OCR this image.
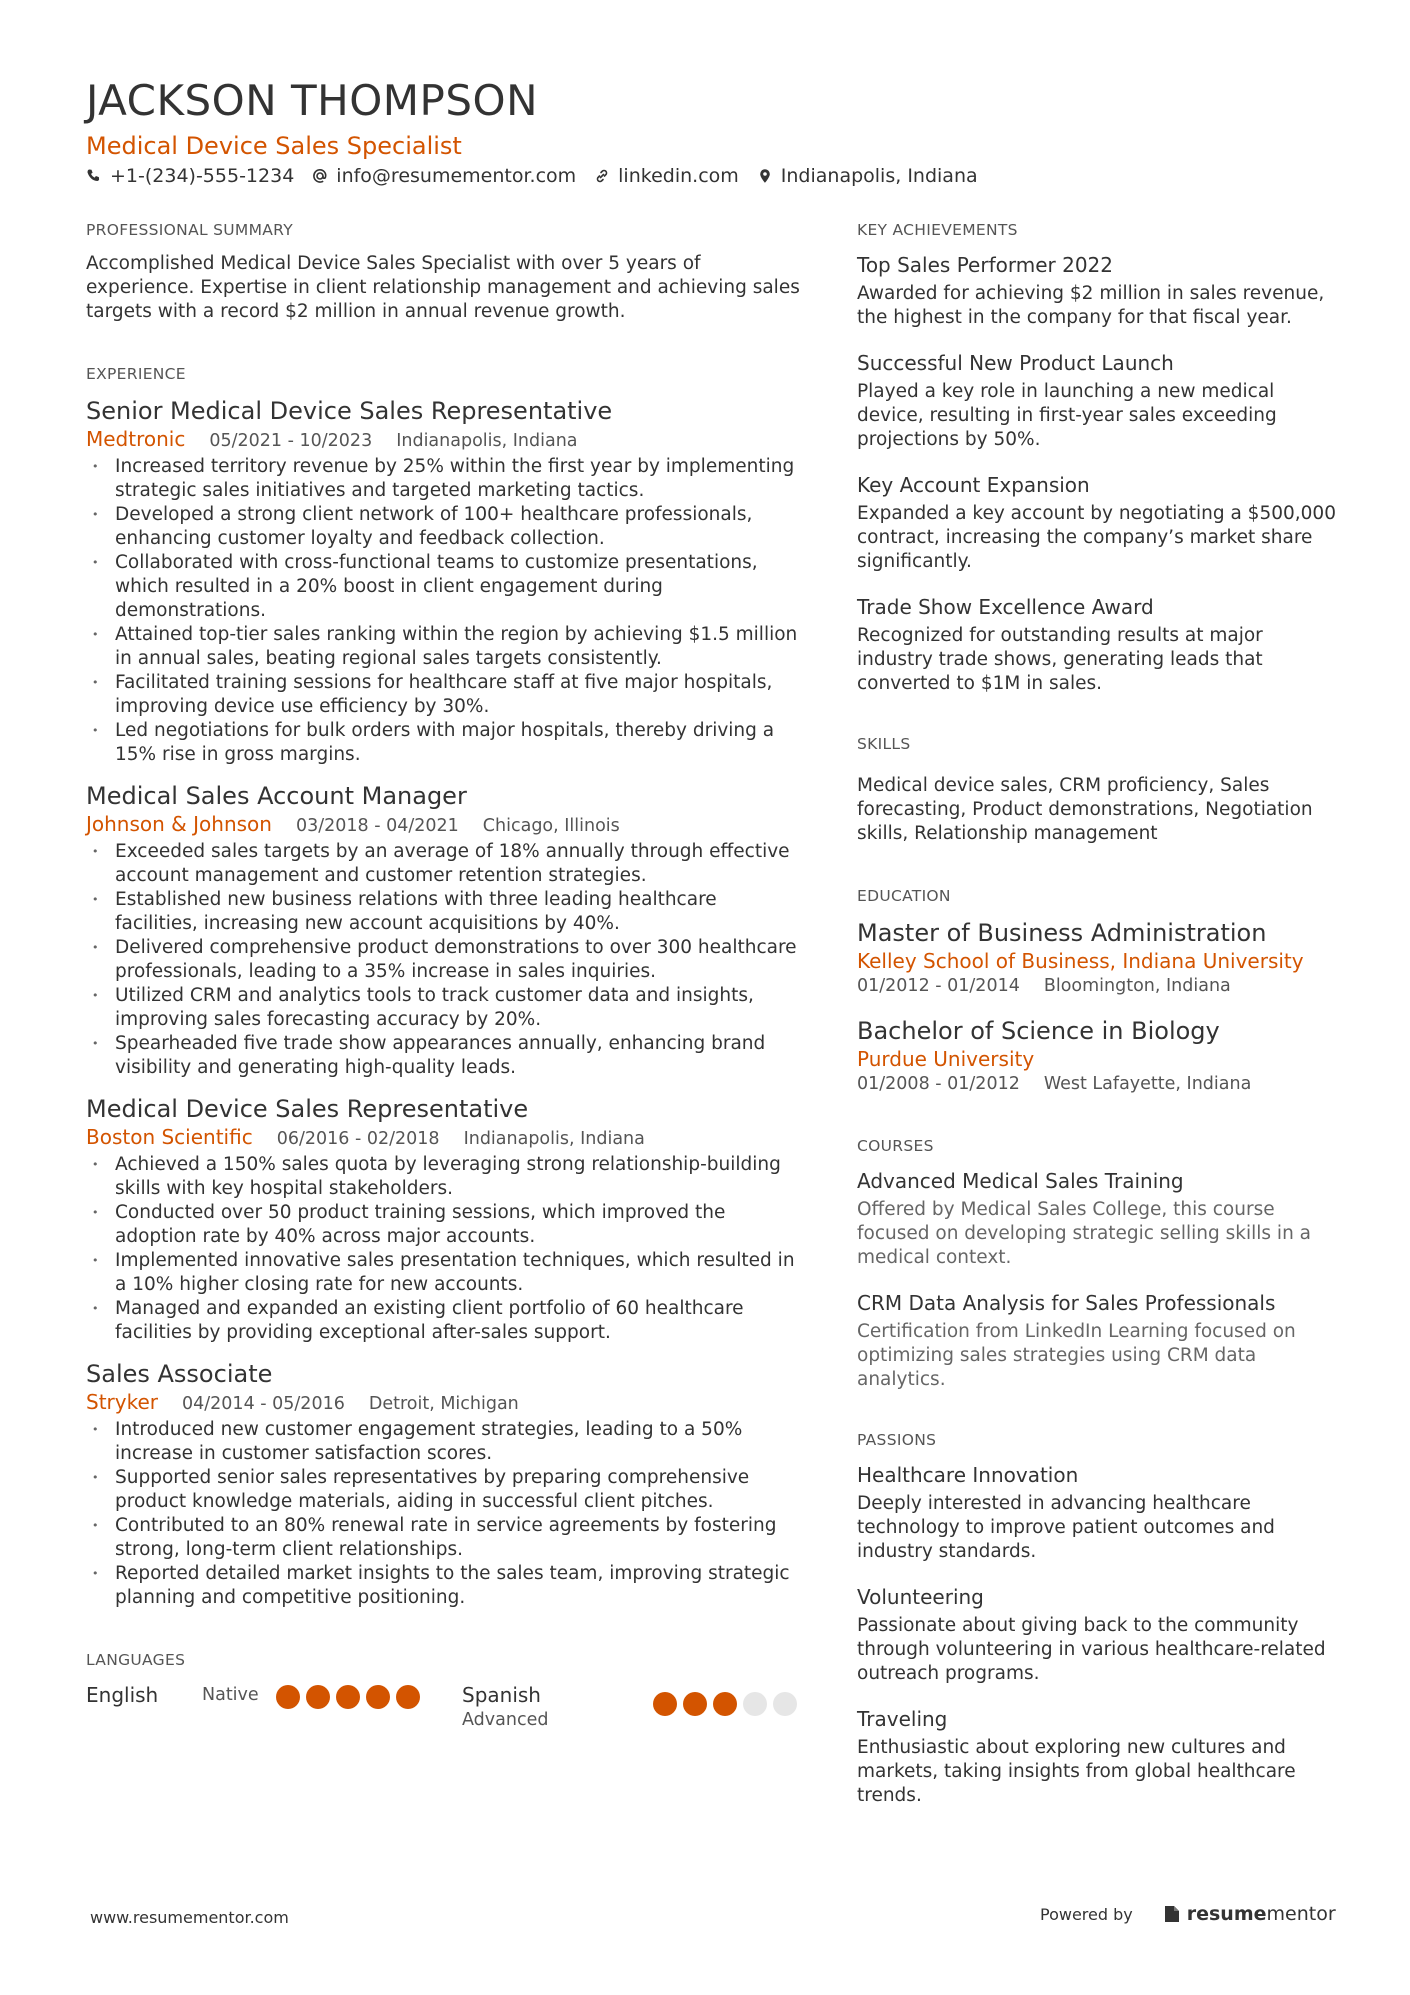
JACKSON THOMPSON
Medical Device Sales Specialist
+1-(234)-555-1234 info@resumementor.com linkedin.com Indianapolis, Indiana
PROFESSIONAL SUMMARY

Accomplished Medical Device Sales Specialist with over 5 years of experience. Expertise in client relationship management and achieving sales targets with a record $2 million in annual revenue growth.

EXPERIENCE
Senior Medical Device Sales Representative
Medtronic 05/2021 - 10/2023 Indianapolis, Indiana
• Increased territory revenue by 25% within the first year by implementing strategic sales initiatives and targeted marketing tactics.
• Developed a strong client network of 100+ healthcare professionals, enhancing customer loyalty and feedback collection.
• Collaborated with cross-functional teams to customize presentations, which resulted in a 20% boost in client engagement during demonstrations.
• Attained top-tier sales ranking within the region by achieving $1.5 million in annual sales, beating regional sales targets consistently.
• Facilitated training sessions for healthcare staff at five major hospitals, improving device use efficiency by 30%.
• Led negotiations for bulk orders with major hospitals, thereby driving a 15% rise in gross margins.
Medical Sales Account Manager
Johnson & Johnson 03/2018 - 04/2021 Chicago, Illinois
• Exceeded sales targets by an average of 18% annually through effective account management and customer retention strategies.
• Established new business relations with three leading healthcare facilities, increasing new account acquisitions by 40%.
• Delivered comprehensive product demonstrations to over 300 healthcare professionals, leading to a 35% increase in sales inquiries.
• Utilized CRM and analytics tools to track customer data and insights, improving sales forecasting accuracy by 20%.
• Spearheaded five trade show appearances annually, enhancing brand visibility and generating high-quality leads.
Medical Device Sales Representative
Boston Scientific 06/2016 - 02/2018 Indianapolis, Indiana
• Achieved a 150% sales quota by leveraging strong relationship-building skills with key hospital stakeholders.
• Conducted over 50 product training sessions, which improved the adoption rate by 40% across major accounts.
• Implemented innovative sales presentation techniques, which resulted in a 10% higher closing rate for new accounts.
• Managed and expanded an existing client portfolio of 60 healthcare facilities by providing exceptional after-sales support.
Sales Associate
Stryker 04/2014 - 05/2016 Detroit, Michigan
• Introduced new customer engagement strategies, leading to a 50% increase in customer satisfaction scores.
• Supported senior sales representatives by preparing comprehensive product knowledge materials, aiding in successful client pitches.
• Contributed to an 80% renewal rate in service agreements by fostering strong, long-term client relationships.
• Reported detailed market insights to the sales team, improving strategic planning and competitive positioning.
LANGUAGES
English	Native	Spanish
Advanced
KEY ACHIEVEMENTS
Top Sales Performer 2022

Awarded for achieving $2 million in sales revenue, the highest in the company for that fiscal year.

Successful New Product Launch

Played a key role in launching a new medical device, resulting in first-year sales exceeding projections by 50%.

Key Account Expansion

Expanded a key account by negotiating a $500,000 contract, increasing the company’s market share significantly.

Trade Show Excellence Award

Recognized for outstanding results at major industry trade shows, generating leads that converted to $1M in sales.

SKILLS

Medical device sales, CRM proficiency, Sales forecasting, Product demonstrations, Negotiation skills, Relationship management

EDUCATION
Master of Business Administration
Kelley School of Business, Indiana University
01/2012 - 01/2014 Bloomington, Indiana
Bachelor of Science in Biology
Purdue University
01/2008 - 01/2012 West Lafayette, Indiana
COURSES
Advanced Medical Sales Training

Offered by Medical Sales College, this course focused on developing strategic selling skills in a medical context.

CRM Data Analysis for Sales Professionals

Certification from LinkedIn Learning focused on optimizing sales strategies using CRM data analytics.

PASSIONS
Healthcare Innovation

Deeply interested in advancing healthcare technology to improve patient outcomes and industry standards.

Volunteering

Passionate about giving back to the community through volunteering in various healthcare-related outreach programs.

Traveling

Enthusiastic about exploring new cultures and markets, taking insights from global healthcare trends.

www.resumementor.com	Powered by	resumementor
